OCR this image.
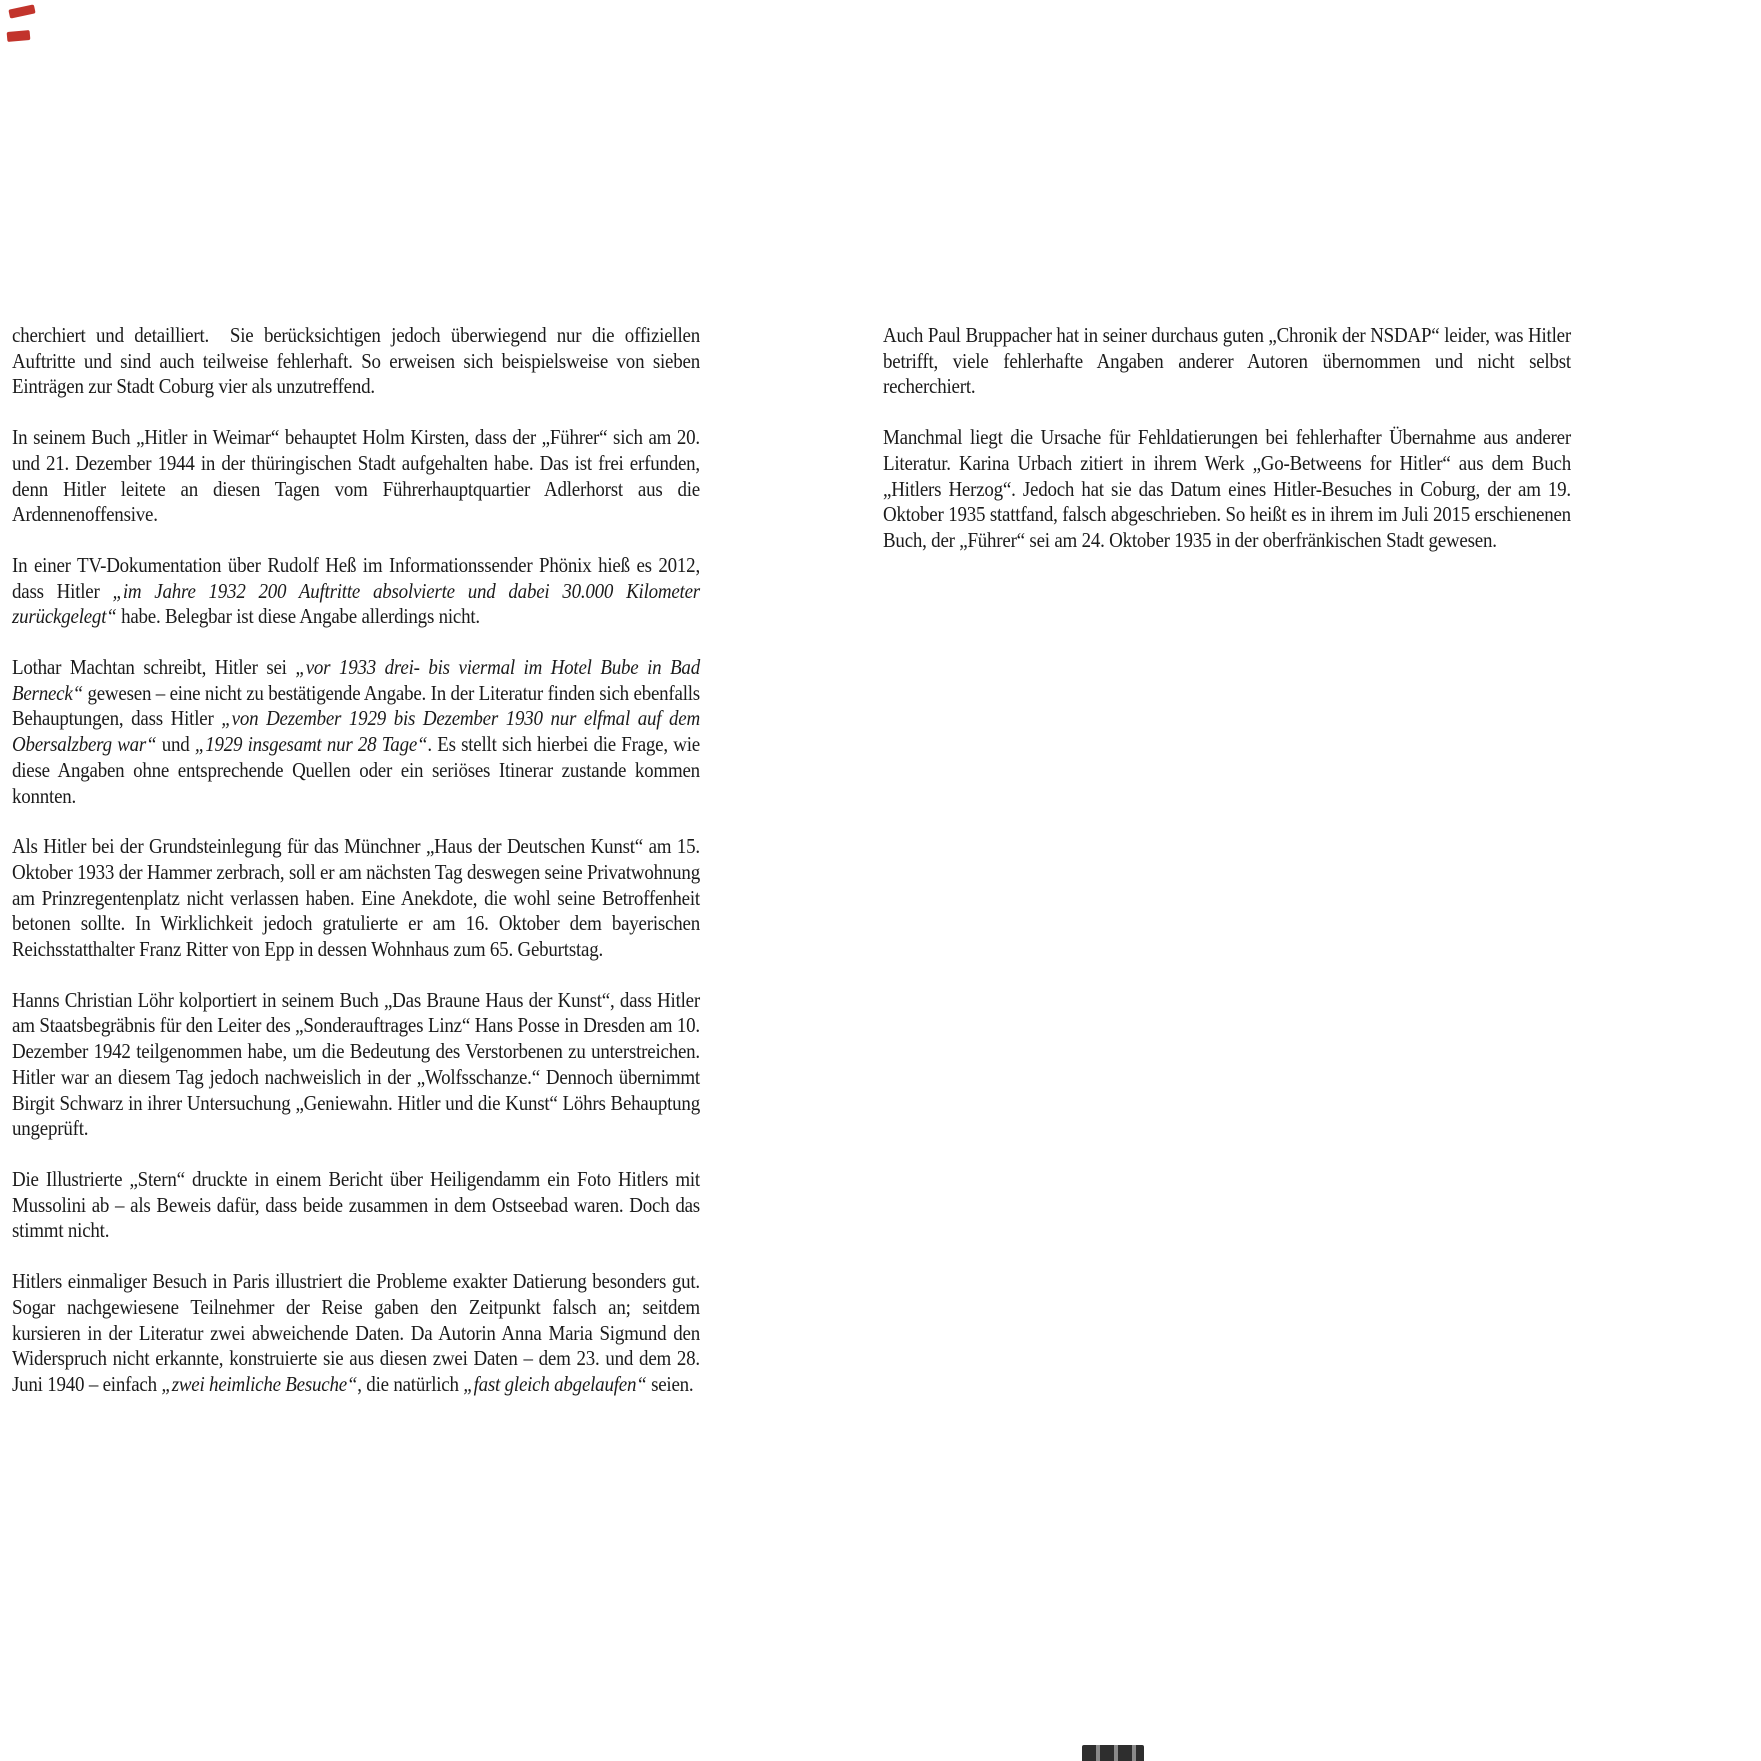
cherchiert und detailliert.  Sie berücksichtigen jedoch überwiegend nur die offiziellen Auftritte und sind auch teilweise fehlerhaft. So erweisen sich beispielsweise von sieben Einträgen zur Stadt Coburg vier als unzutreffend.

In seinem Buch „Hitler in Weimar“ behauptet Holm Kirsten, dass der „Führer“ sich am 20. und 21. Dezember 1944 in der thüringischen Stadt aufgehalten habe. Das ist frei erfunden, denn Hitler leitete an diesen Tagen vom Führerhauptquartier Adlerhorst aus die Ardennenoffensive.

In einer TV-Dokumentation über Rudolf Heß im Informationssender Phönix hieß es 2012, dass Hitler „im Jahre 1932 200 Auftritte absolvierte und dabei 30.000 Kilometer zurückgelegt“ habe. Belegbar ist diese Angabe allerdings nicht.

Lothar Machtan schreibt, Hitler sei „vor 1933 drei- bis viermal im Hotel Bube in Bad Berneck“ gewesen – eine nicht zu bestätigende Angabe. In der Literatur finden sich ebenfalls Behauptungen, dass Hitler „von Dezember 1929 bis Dezember 1930 nur elfmal auf dem Obersalzberg war“ und „1929 insgesamt nur 28 Tage“. Es stellt sich hierbei die Frage, wie diese Angaben ohne entsprechende Quellen oder ein seriöses Itinerar zustande kommen konnten.

Als Hitler bei der Grundsteinlegung für das Münchner „Haus der Deutschen Kunst“ am 15. Oktober 1933 der Hammer zerbrach, soll er am nächsten Tag deswegen seine Privatwohnung am Prinzregentenplatz nicht verlassen haben. Eine Anekdote, die wohl seine Betroffenheit betonen sollte. In Wirklichkeit jedoch gratulierte er am 16. Oktober dem bayerischen Reichsstatthalter Franz Ritter von Epp in dessen Wohnhaus zum 65. Geburtstag.

Hanns Christian Löhr kolportiert in seinem Buch „Das Braune Haus der Kunst“, dass Hitler am Staatsbegräbnis für den Leiter des „Sonderauftrages Linz“ Hans Posse in Dresden am 10. Dezember 1942 teilgenommen habe, um die Bedeutung des Verstorbenen zu unterstreichen. Hitler war an diesem Tag jedoch nachweislich in der „Wolfsschanze.“ Dennoch übernimmt Birgit Schwarz in ihrer Untersuchung „Geniewahn. Hitler und die Kunst“ Löhrs Behauptung ungeprüft.

Die Illustrierte „Stern“ druckte in einem Bericht über Heiligendamm ein Foto Hitlers mit Mussolini ab – als Beweis dafür, dass beide zusammen in dem Ostseebad waren. Doch das stimmt nicht.

Hitlers einmaliger Besuch in Paris illustriert die Probleme exakter Datierung besonders gut. Sogar nachgewiesene Teilnehmer der Reise gaben den Zeitpunkt falsch an; seitdem kursieren in der Literatur zwei abweichende Daten. Da Autorin Anna Maria Sigmund den Widerspruch nicht erkannte, konstruierte sie aus diesen zwei Daten – dem 23. und dem 28. Juni 1940 – einfach „zwei heimliche Besuche“, die natürlich „fast gleich abgelaufen“ seien.

Auch Paul Bruppacher hat in seiner durchaus guten „Chronik der NSDAP“ leider, was Hitler betrifft, viele fehlerhafte Angaben anderer Autoren übernommen und nicht selbst recherchiert.

Manchmal liegt die Ursache für Fehldatierungen bei fehlerhafter Übernahme aus anderer Literatur. Karina Urbach zitiert in ihrem Werk „Go-Betweens for Hitler“ aus dem Buch „Hitlers Herzog“. Jedoch hat sie das Datum eines Hitler-Besuches in Coburg, der am 19. Oktober 1935 stattfand, falsch abgeschrieben. So heißt es in ihrem im Juli 2015 erschienenen Buch, der „Führer“ sei am 24. Oktober 1935 in der oberfränkischen Stadt gewesen.
